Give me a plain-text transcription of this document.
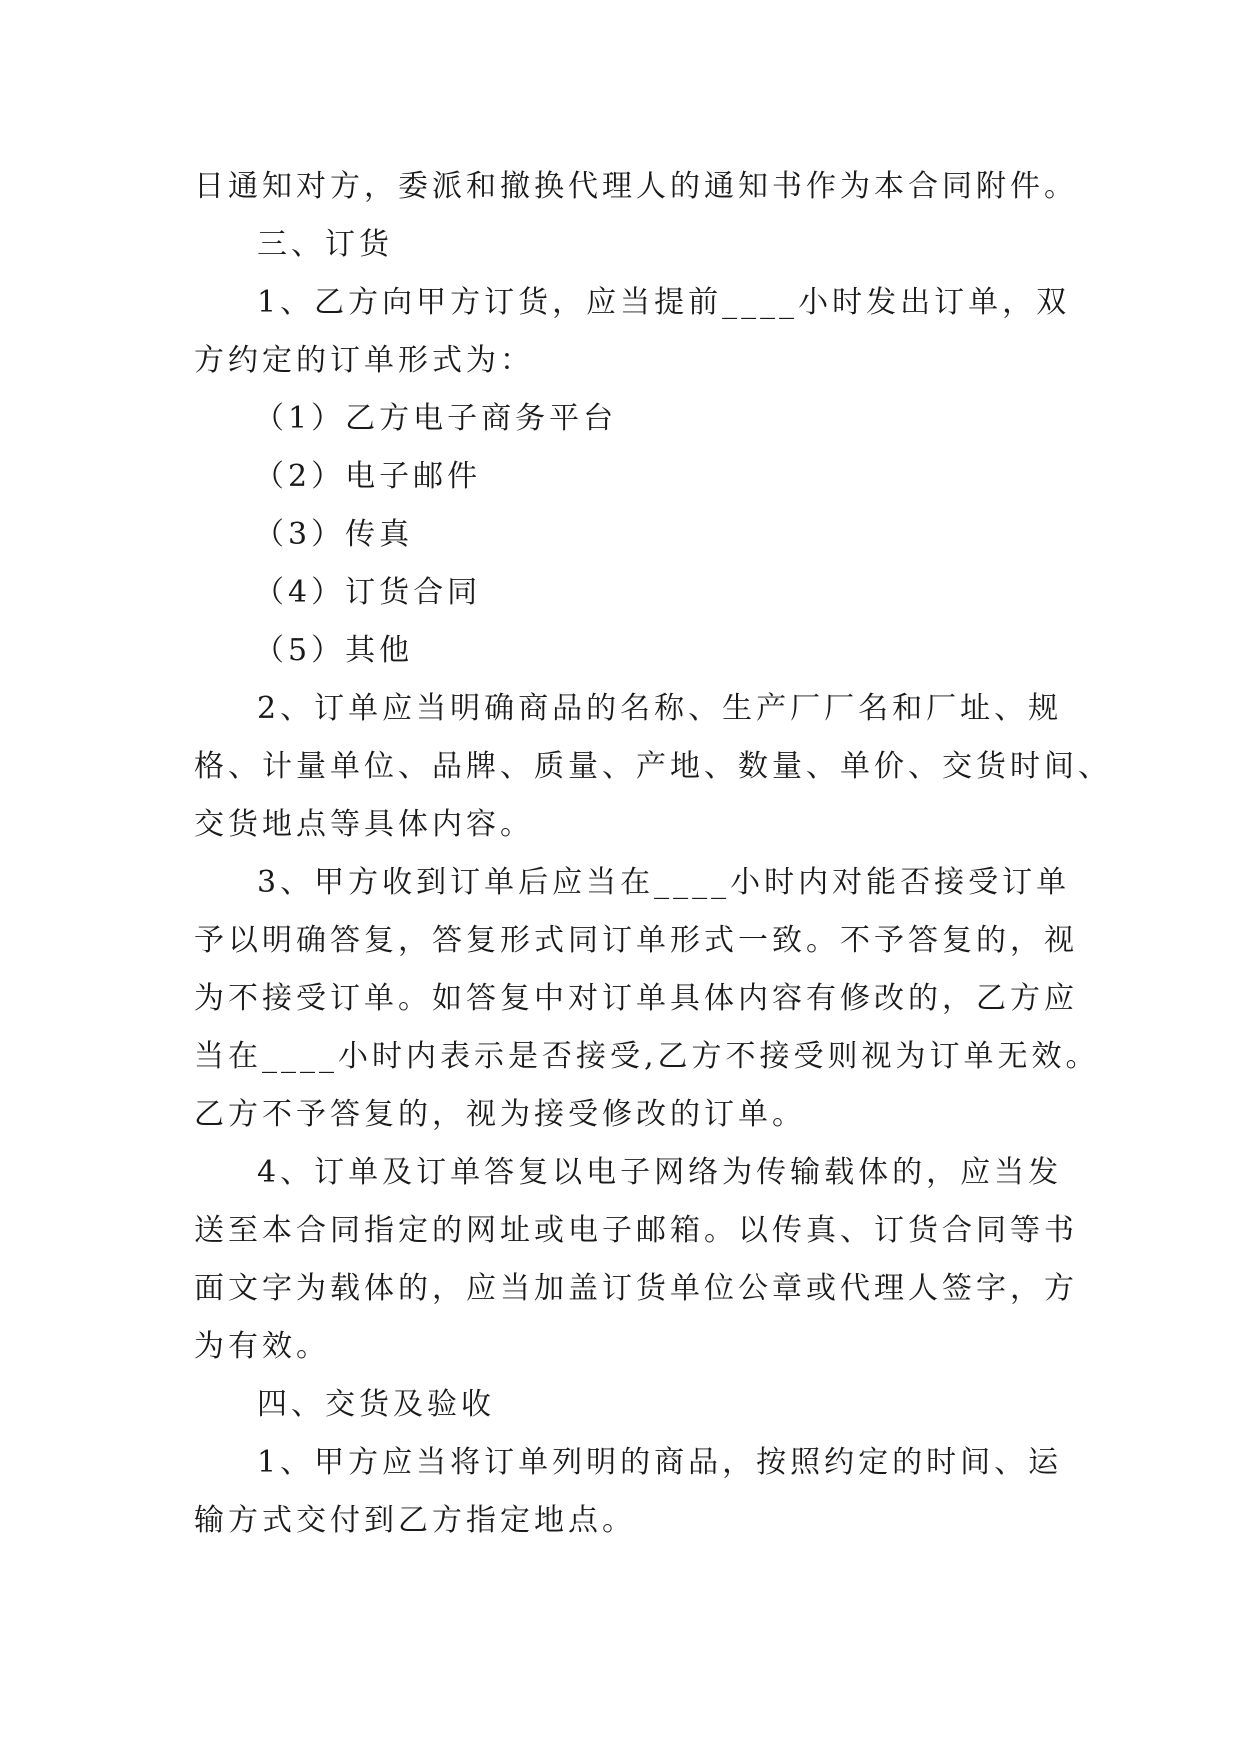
日通知对方，委派和撤换代理人的通知书作为本合同附件。
三、订货
1、乙方向甲方订货，应当提前____小时发出订单，双
方约定的订单形式为：
（1）乙方电子商务平台
（2）电子邮件
（3）传真
（4）订货合同
（5）其他
2、订单应当明确商品的名称、生产厂厂名和厂址、规
格、计量单位、品牌、质量、产地、数量、单价、交货时间、
交货地点等具体内容。
3、甲方收到订单后应当在____小时内对能否接受订单
予以明确答复，答复形式同订单形式一致。不予答复的，视
为不接受订单。如答复中对订单具体内容有修改的，乙方应
当在____小时内表示是否接受,乙方不接受则视为订单无效。
乙方不予答复的，视为接受修改的订单。
4、订单及订单答复以电子网络为传输载体的，应当发
送至本合同指定的网址或电子邮箱。以传真、订货合同等书
面文字为载体的，应当加盖订货单位公章或代理人签字，方
为有效。
四、交货及验收
1、甲方应当将订单列明的商品，按照约定的时间、运
输方式交付到乙方指定地点。
